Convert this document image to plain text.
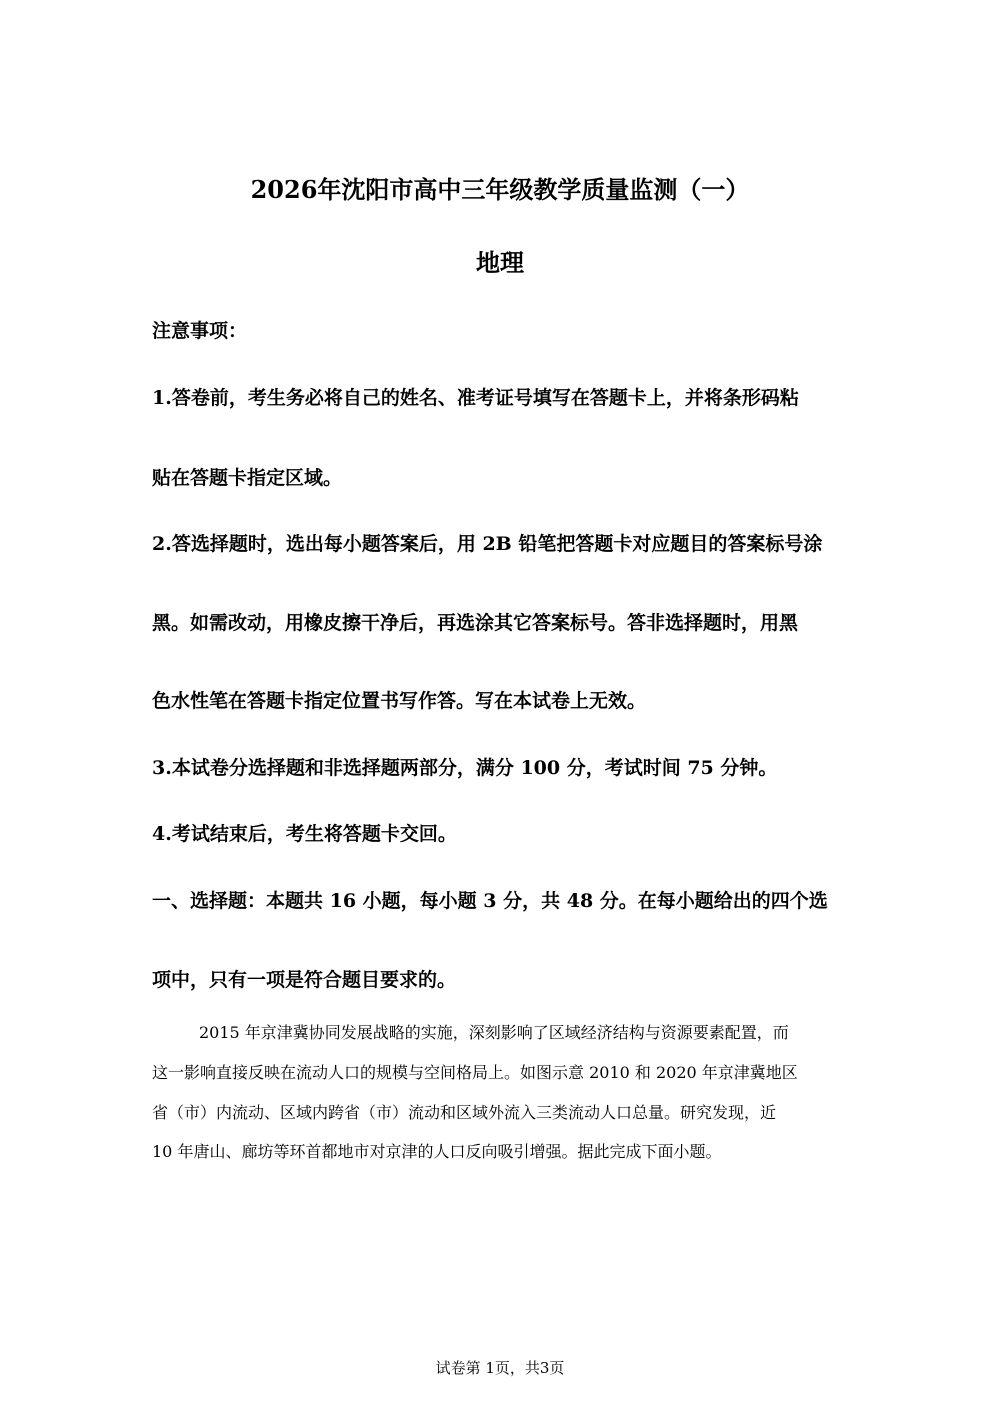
2026年沈阳市高中三年级教学质量监测（一）
地理
注意事项：
1.答卷前，考生务必将自己的姓名、准考证号填写在答题卡上，并将条形码粘
贴在答题卡指定区域。
2.答选择题时，选出每小题答案后，用 2B 铅笔把答题卡对应题目的答案标号涂
黑。如需改动，用橡皮擦干净后，再选涂其它答案标号。答非选择题时，用黑
色水性笔在答题卡指定位置书写作答。写在本试卷上无效。
3.本试卷分选择题和非选择题两部分，满分 100 分，考试时间 75 分钟。
4.考试结束后，考生将答题卡交回。
一、选择题：本题共 16 小题，每小题 3 分，共 48 分。在每小题给出的四个选
项中，只有一项是符合题目要求的。
2015 年京津冀协同发展战略的实施，深刻影响了区域经济结构与资源要素配置，而
这一影响直接反映在流动人口的规模与空间格局上。如图示意 2010 和 2020 年京津冀地区
省（市）内流动、区域内跨省（市）流动和区域外流入三类流动人口总量。研究发现，近
10 年唐山、廊坊等环首都地市对京津的人口反向吸引增强。据此完成下面小题。
试卷第 1页，共3页
